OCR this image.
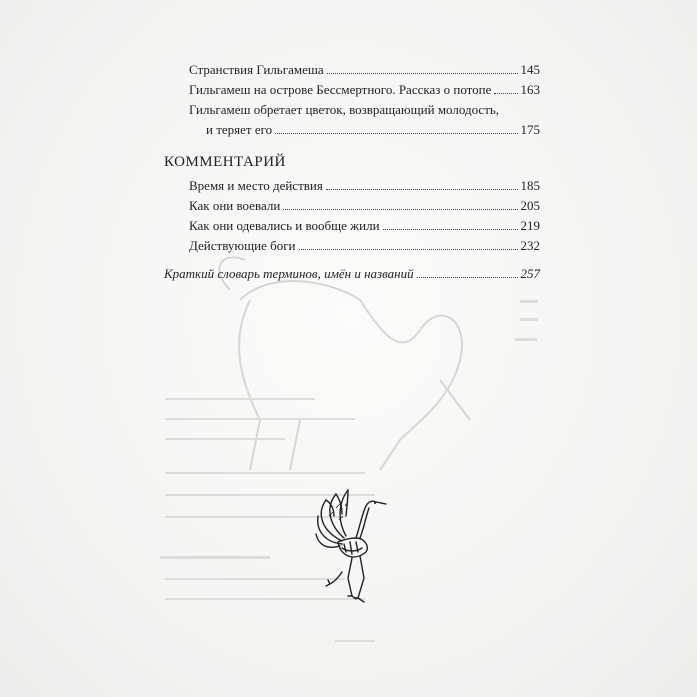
Странствия Гильгамеша	145
Гильгамеш на острове Бессмертного. Рассказ о потопе 163
Гильгамеш обретает цветок, возвращающий молодость,
и теряет его	175
КОММЕНТАРИЙ
Время и место действия	185
Как они воевали	205
Как они одевались и вообще жили	219
Действующие боги	232
Краткий словарь терминов, имён и названий	257
